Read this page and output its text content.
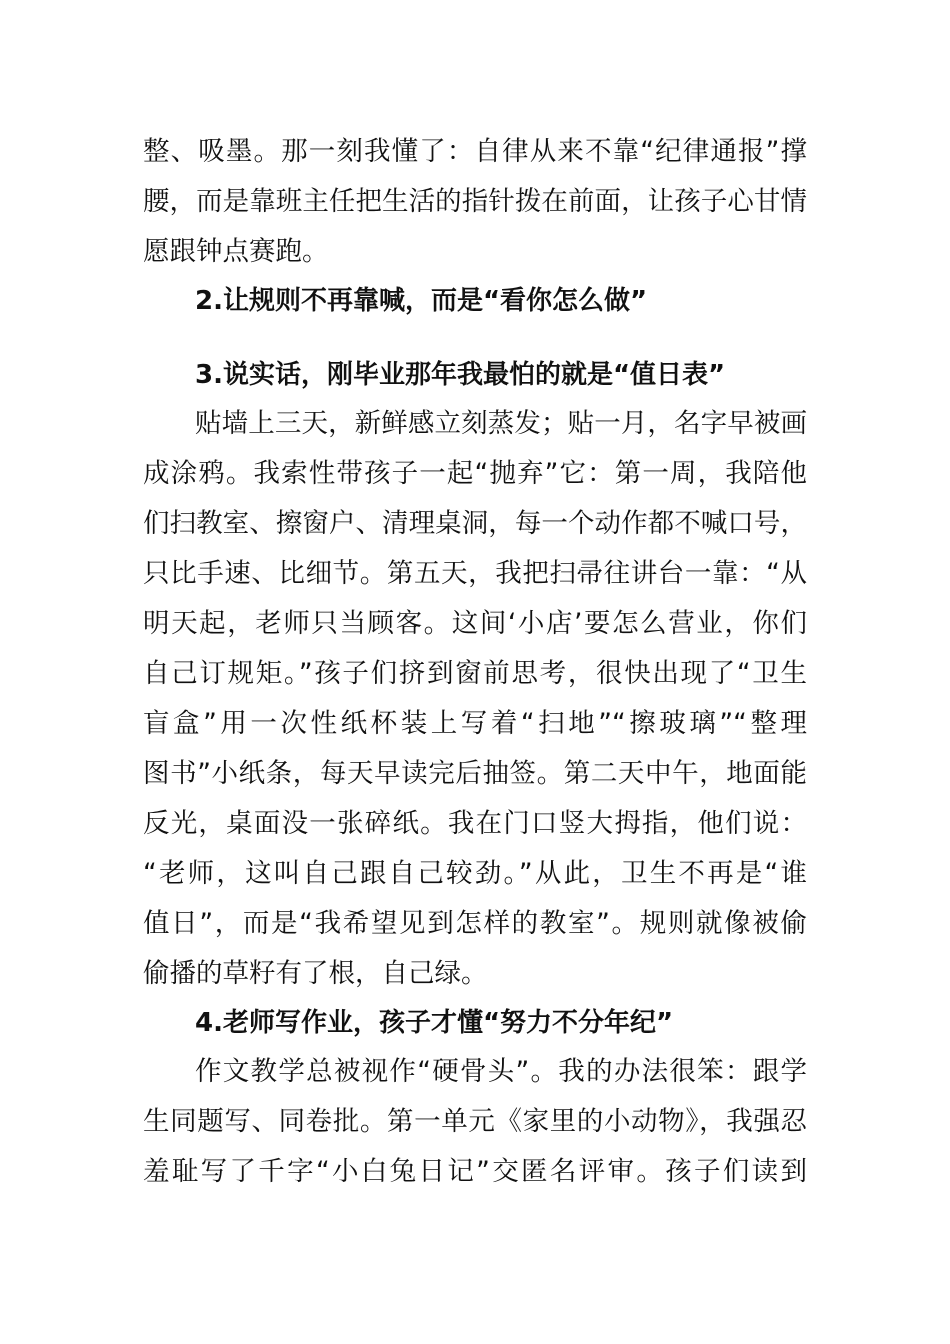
整、吸墨。那一刻我懂了：自律从来不靠“纪律通报”撑
腰，而是靠班主任把生活的指针拨在前面，让孩子心甘情
愿跟钟点赛跑。
2.让规则不再靠喊，而是“看你怎么做”
3.说实话，刚毕业那年我最怕的就是“值日表”
贴墙上三天，新鲜感立刻蒸发；贴一月，名字早被画
成涂鸦。我索性带孩子一起“抛弃”它：第一周，我陪他
们扫教室、擦窗户、清理桌洞，每一个动作都不喊口号，
只比手速、比细节。第五天，我把扫帚往讲台一靠：“从
明天起，老师只当顾客。这间‘小店’要怎么营业，你们
自己订规矩。”孩子们挤到窗前思考，很快出现了“卫生
盲盒”用一次性纸杯装上写着“扫地”“擦玻璃”“整理
图书”小纸条，每天早读完后抽签。第二天中午，地面能
反光，桌面没一张碎纸。我在门口竖大拇指，他们说：
“老师，这叫自己跟自己较劲。”从此，卫生不再是“谁
值日”，而是“我希望见到怎样的教室”。规则就像被偷
偷播的草籽有了根，自己绿。
4.老师写作业，孩子才懂“努力不分年纪”
作文教学总被视作“硬骨头”。我的办法很笨：跟学
生同题写、同卷批。第一单元《家里的小动物》，我强忍
羞耻写了千字“小白兔日记”交匿名评审。孩子们读到
